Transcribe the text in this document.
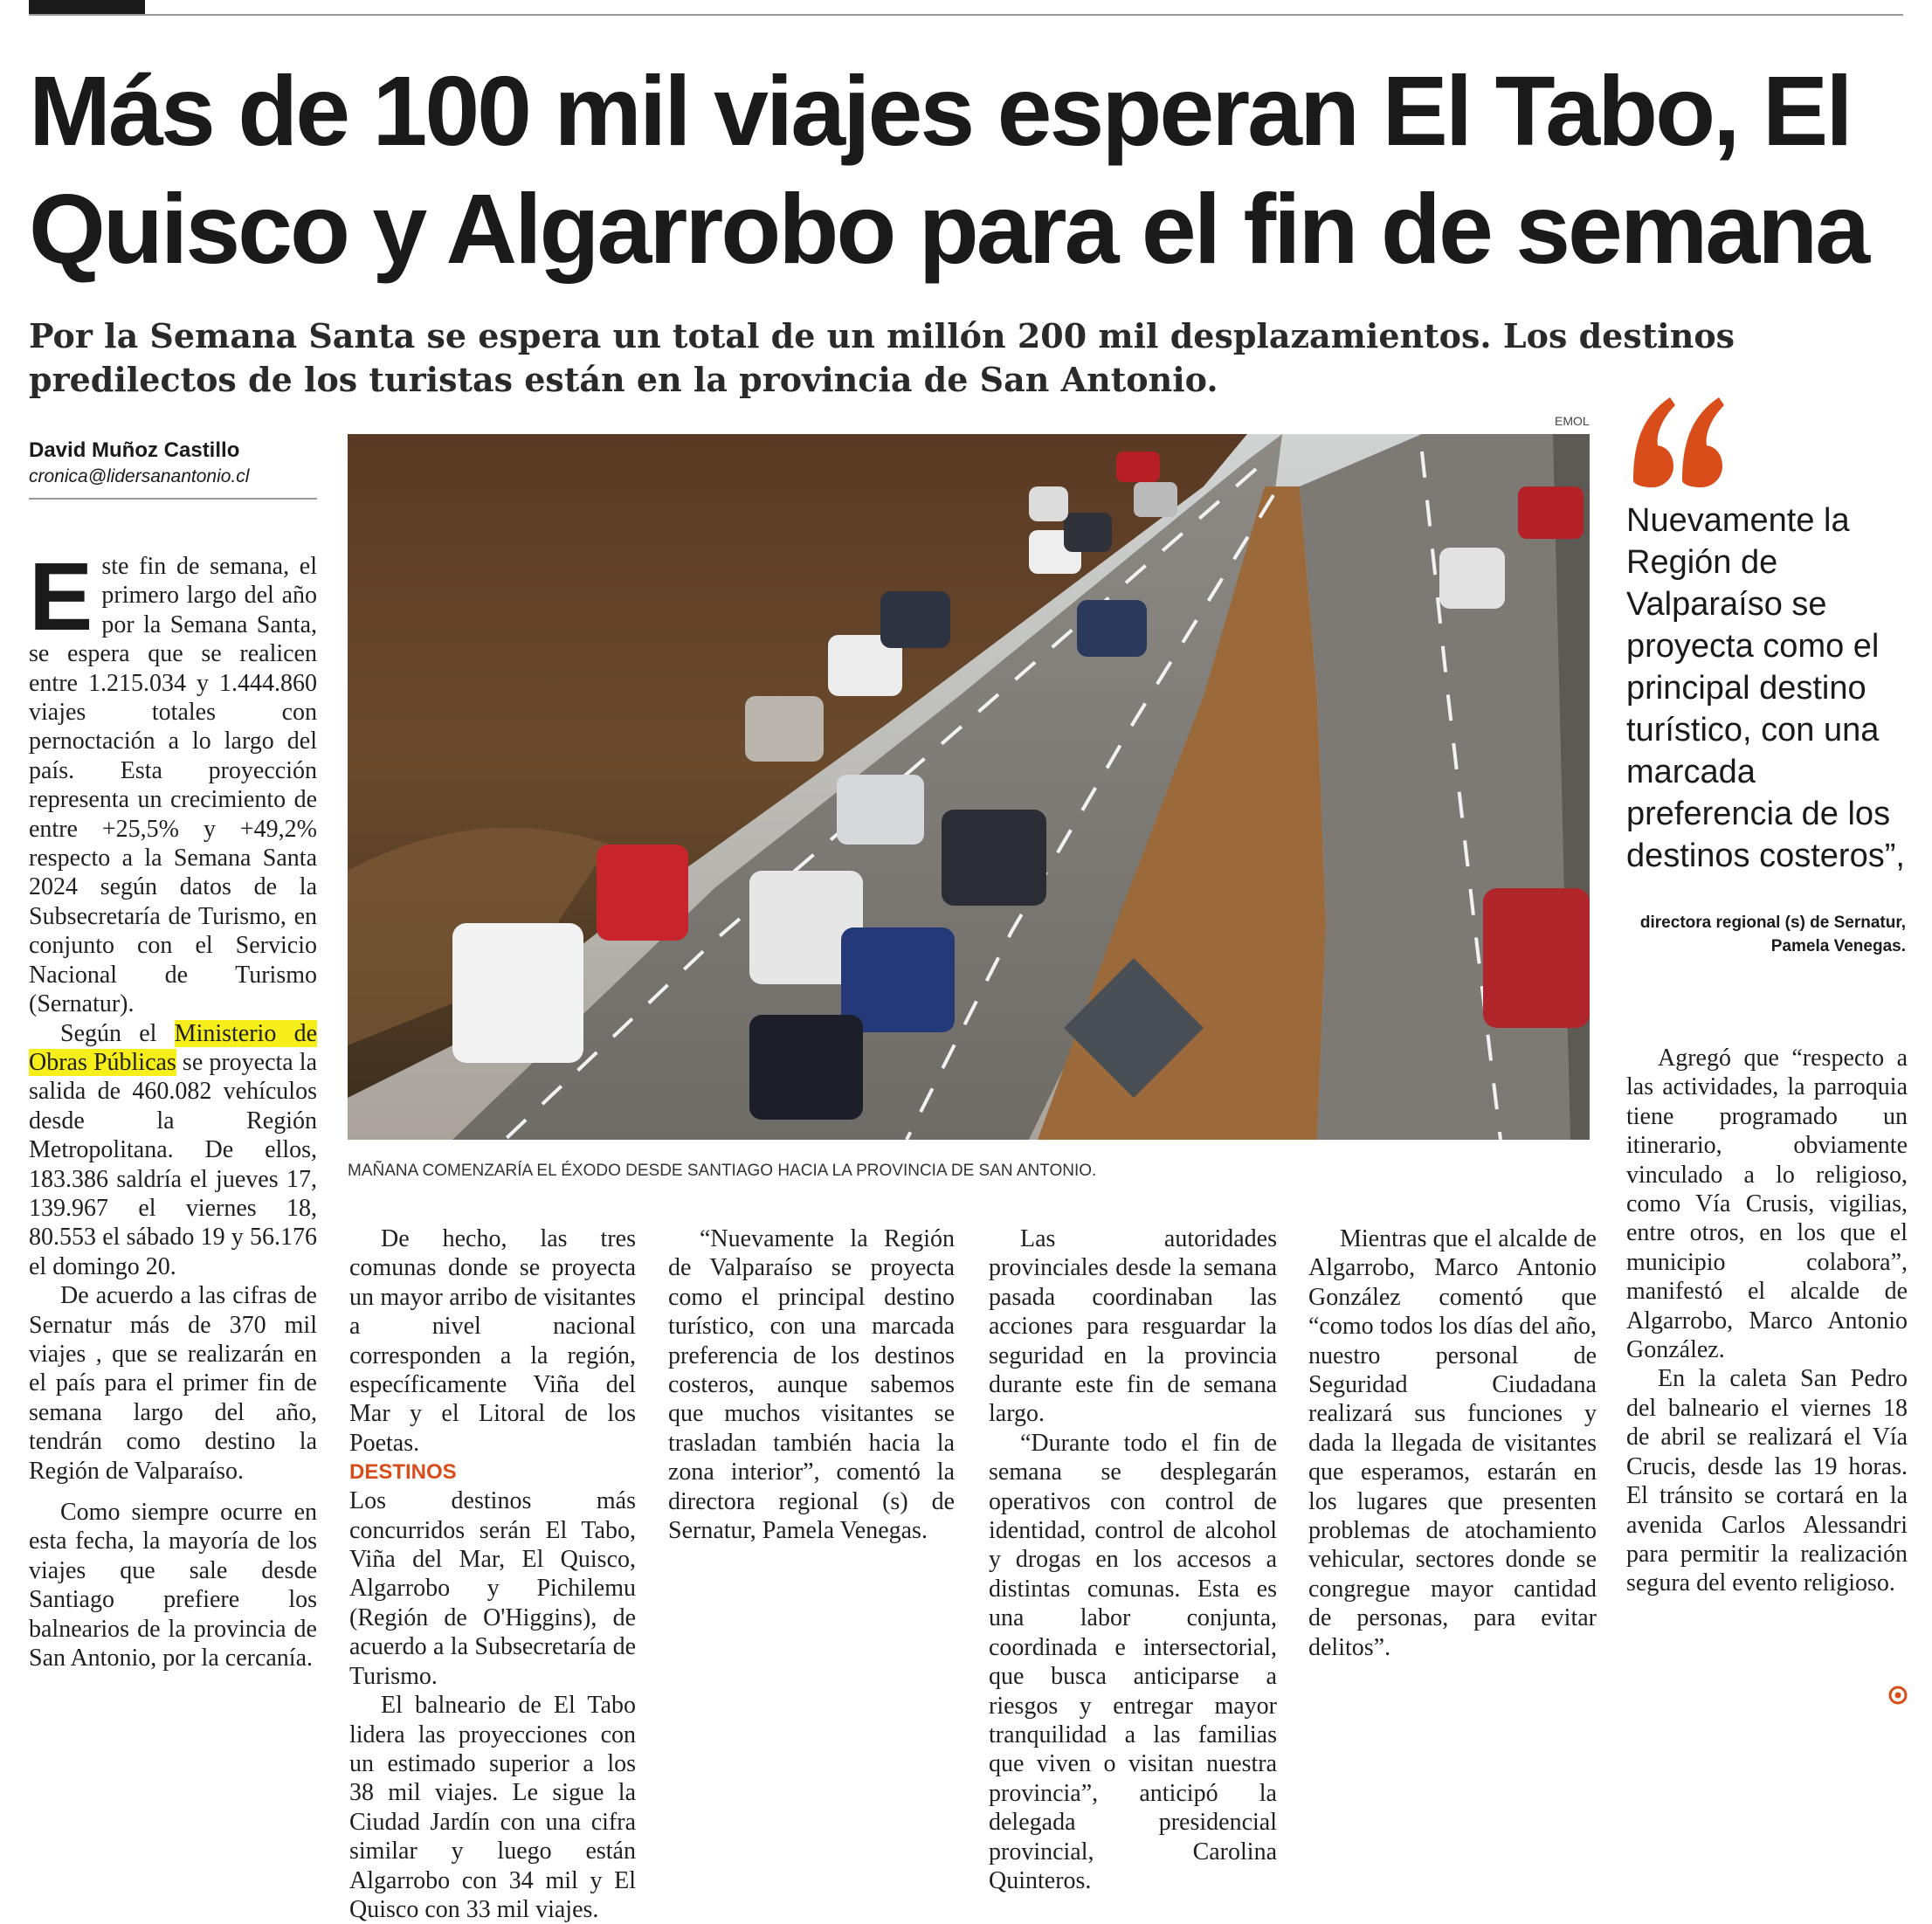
Más de 100 mil viajes esperan El Tabo, El Quisco y Algarrobo para el fin de semana

Por la Semana Santa se espera un total de un millón 200 mil desplazamientos. Los destinos predilectos de los turistas están en la provincia de San Antonio.

David Muñoz Castillo
cronica@lidersanantonio.cl

Este fin de semana, el primero largo del año por la Semana Santa, se espera que se realicen entre 1.215.034 y 1.444.860 viajes totales con pernoctación a lo largo del país. Esta proyección representa un crecimiento de entre +25,5% y +49,2% respecto a la Semana Santa 2024 según datos de la Subsecretaría de Turismo, en conjunto con el Servicio Nacional de Turismo (Sernatur).

Según el Ministerio de Obras Públicas se proyecta la salida de 460.082 vehículos desde la Región Metropolitana. De ellos, 183.386 saldría el jueves 17, 139.967 el viernes 18, 80.553 el sábado 19 y 56.176 el domingo 20.

De acuerdo a las cifras de Sernatur más de 370 mil viajes , que se realizarán en el país para el primer fin de semana largo del año, tendrán como destino la Región de Valparaíso.

Como siempre ocurre en esta fecha, la mayoría de los viajes que sale desde Santiago prefiere los balnearios de la provincia de San Antonio, por la cercanía.

EMOL
MAÑANA COMENZARÍA EL ÉXODO DESDE SANTIAGO HACIA LA PROVINCIA DE SAN ANTONIO.
Nuevamente la Región de Valparaíso se proyecta como el principal destino turístico, con una marcada preferencia de los destinos costeros”,
directora regional (s) de Sernatur, Pamela Venegas.

De hecho, las tres comunas donde se proyecta un mayor arribo de visitantes a nivel nacional corresponden a la región, específicamente Viña del Mar y el Litoral de los Poetas.

DESTINOS

Los destinos más concurridos serán El Tabo, Viña del Mar, El Quisco, Algarrobo y Pichilemu (Región de O'Higgins), de acuerdo a la Subsecretaría de Turismo.

El balneario de El Tabo lidera las proyecciones con un estimado superior a los 38 mil viajes. Le sigue la Ciudad Jardín con una cifra similar y luego están Algarrobo con 34 mil y El Quisco con 33 mil viajes.

“Nuevamente la Región de Valparaíso se proyecta como el principal destino turístico, con una marcada preferencia de los destinos costeros, aunque sabemos que muchos visitantes se trasladan también hacia la zona interior”, comentó la directora regional (s) de Sernatur, Pamela Venegas.

Las autoridades provinciales desde la semana pasada coordinaban las acciones para resguardar la seguridad en la provincia durante este fin de semana largo.

“Durante todo el fin de semana se desplegarán operativos con control de identidad, control de alcohol y drogas en los accesos a distintas comunas. Esta es una labor conjunta, coordinada e intersectorial, que busca anticiparse a riesgos y entregar mayor tranquilidad a las familias que viven o visitan nuestra provincia”, anticipó la delegada presidencial provincial, Carolina Quinteros.

Mientras que el alcalde de Algarrobo, Marco Antonio González comentó que “como todos los días del año, nuestro personal de Seguridad Ciudadana realizará sus funciones y dada la llegada de visitantes que esperamos, estarán en los lugares que presenten problemas de atochamiento vehicular, sectores donde se congregue mayor cantidad de personas, para evitar delitos”.

Agregó que “respecto a las actividades, la parroquia tiene programado un itinerario, obviamente vinculado a lo religioso, como Vía Crusis, vigilias, entre otros, en los que el municipio colabora”, manifestó el alcalde de Algarrobo, Marco Antonio González.

En la caleta San Pedro del balneario el viernes 18 de abril se realizará el Vía Crucis, desde las 19 horas. El tránsito se cortará en la avenida Carlos Alessandri para permitir la realización segura del evento religioso.
